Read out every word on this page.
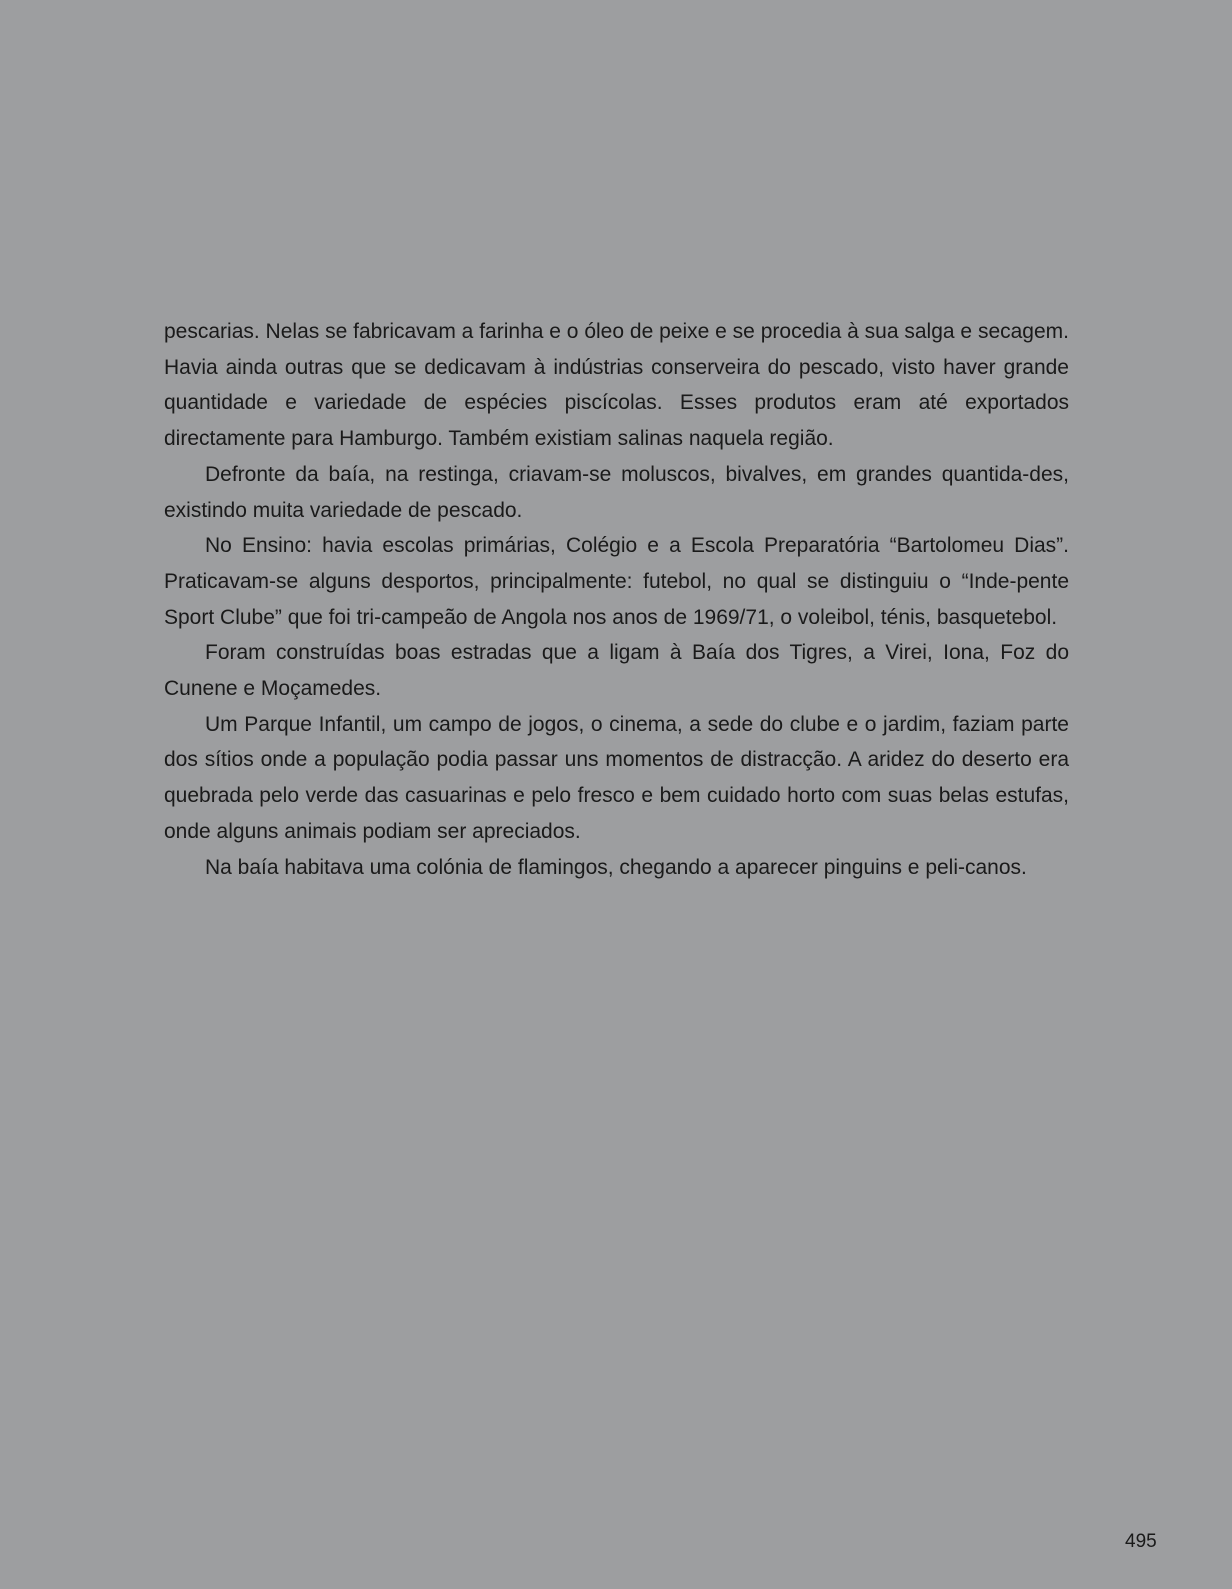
pescarias. Nelas se fabricavam a farinha e o óleo de peixe e se procedia à sua salga e secagem. Havia ainda outras que se dedicavam à indústrias conserveira do pescado, visto haver grande quantidade e variedade de espécies piscícolas. Esses produtos eram até exportados directamente para Hamburgo. Também existiam salinas naquela região.

Defronte da baía, na restinga, criavam-se moluscos, bivalves, em grandes quantida-des, existindo muita variedade de pescado.

No Ensino: havia escolas primárias, Colégio e a Escola Preparatória “Bartolomeu Dias”. Praticavam-se alguns desportos, principalmente: futebol, no qual se distinguiu o “Inde-pente Sport Clube” que foi tri-campeão de Angola nos anos de 1969/71, o voleibol, ténis, basquetebol.

Foram construídas boas estradas que a ligam à Baía dos Tigres, a Virei, Iona, Foz do Cunene e Moçamedes.

Um Parque Infantil, um campo de jogos, o cinema, a sede do clube e o jardim, faziam parte dos sítios onde a população podia passar uns momentos de distracção. A aridez do deserto era quebrada pelo verde das casuarinas e pelo fresco e bem cuidado horto com suas belas estufas, onde alguns animais podiam ser apreciados.

Na baía habitava uma colónia de flamingos, chegando a aparecer pinguins e peli-canos.

495
